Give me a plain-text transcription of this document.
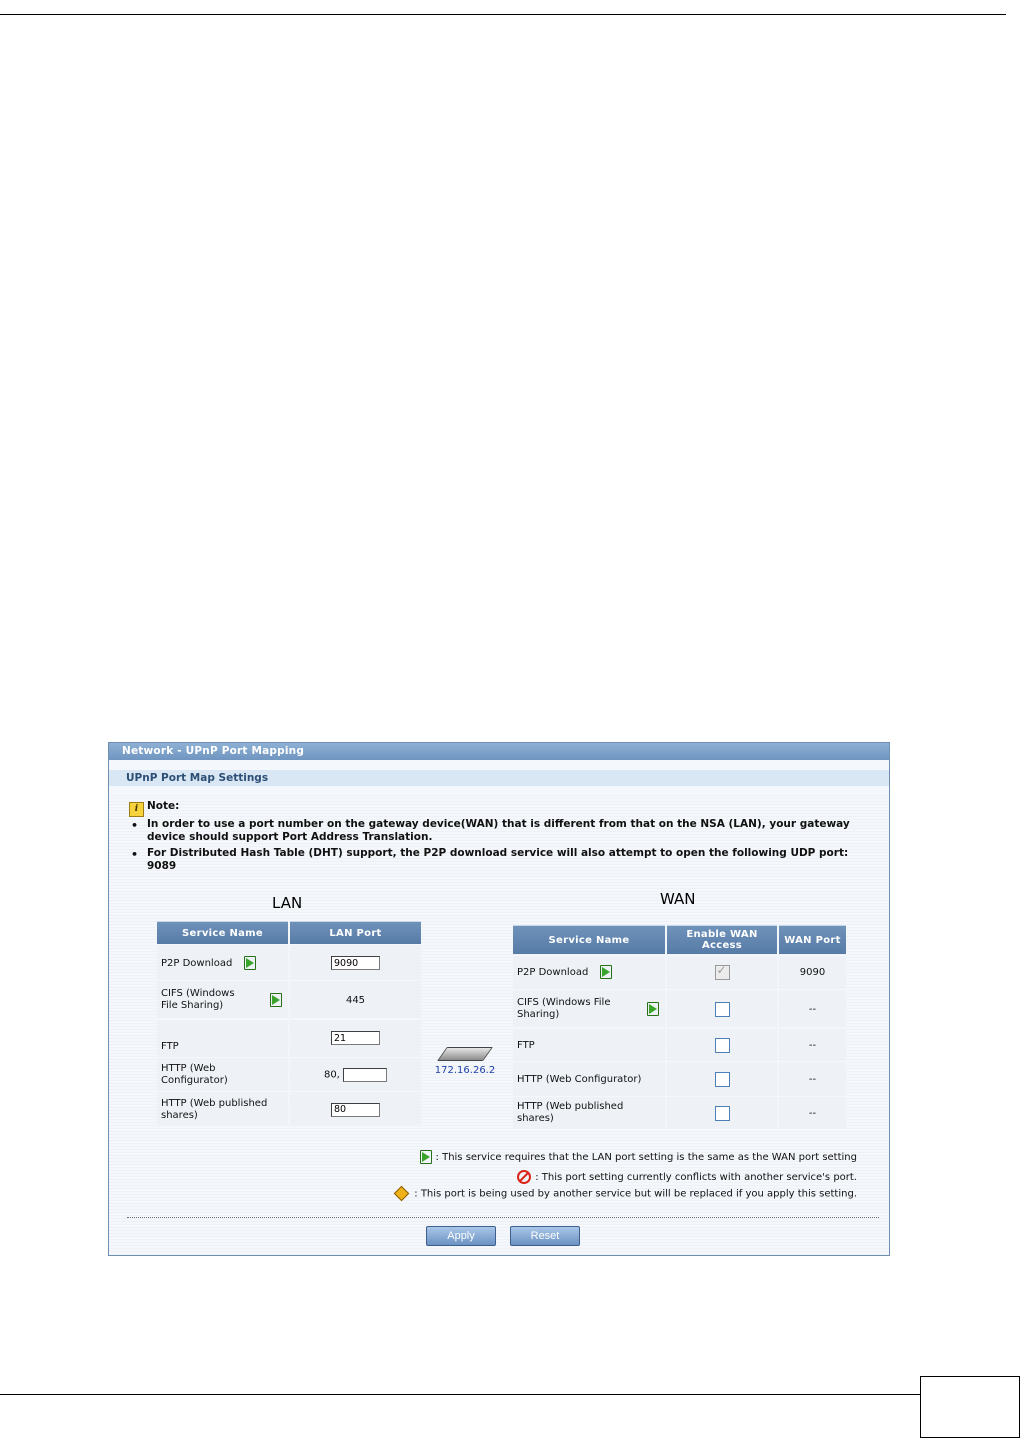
Network - UPnP Port Mapping
UPnP Port Map Settings
i Note:
• In order to use a port number on the gateway device(WAN) that is different from that on the NSA (LAN), your gateway device should support Port Address Translation.
• For Distributed Hash Table (DHT) support, the P2P download service will also attempt to open the following UDP port: 9089
LAN	WAN
Service Name	LAN Port
P2P Download	9090
CIFS (Windows File Sharing)	445
FTP	21
HTTP (Web Configurator)	80,
HTTP (Web published shares)	80
172.16.26.2
Service Name	Enable WAN Access	WAN Port
P2P Download	✓	9090
CIFS (Windows File Sharing)		--
FTP		--
HTTP (Web Configurator)		--
HTTP (Web published shares)		--
: This service requires that the LAN port setting is the same as the WAN port setting
: This port setting currently conflicts with another service's port.
: This port is being used by another service but will be replaced if you apply this setting.
Apply	Reset
